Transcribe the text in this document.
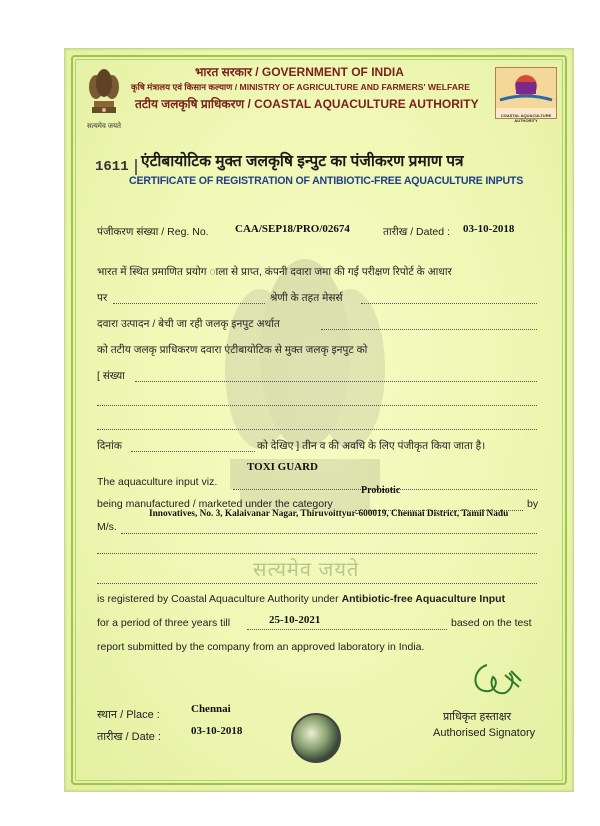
सत्यमेव जयते
भारत सरकार / GOVERNMENT OF INDIA
कृषि मंत्रालय एवं किसान कल्याण / MINISTRY OF AGRICULTURE AND FARMERS' WELFARE
तटीय जलकृषि प्राधिकरण / COASTAL AQUACULTURE AUTHORITY
COASTAL AQUACULTURE AUTHORITY
1611 एंटीबायोटिक मुक्त जलकृषि इन्पुट का पंजीकरण प्रमाण पत्र
CERTIFICATE OF REGISTRATION OF ANTIBIOTIC-FREE AQUACULTURE INPUTS
पंजीकरण संख्या / Reg. No. CAA/SEP18/PRO/02674	तारीख / Dated : 03-10-2018
भारत में स्थित प्रमाणित प्रयोग ाला से प्राप्त, कंपनी दवारा जमा की गई परीक्षण रिपोर्ट के आधार
पर	श्रेणी के तहत मेसर्स
दवारा उत्पादन / बेची जा रही जलकृ इनपुट अर्थात
को तटीय जलकृ प्राधिकरण दवारा एंटीबायोटिक से मुक्त जलकृ इनपुट को
[ संख्या
दिनांक	को देखिए ] तीन व की अवधि के लिए पंजीकृत किया जाता है।
TOXI GUARD
The aquaculture input viz.
Probiotic
being manufactured / marketed under the category	by
Innovatives, No. 3, Kalaivanar Nagar, Thiruvoittyur-600019, Chennai District, Tamil Nadu
M/s.
सत्यमेव जयते
is registered by Coastal Aquaculture Authority under Antibiotic-free Aquaculture Input
for a period of three years till	25-10-2021	based on the test
report submitted by the company from an approved laboratory in India.
स्थान / Place :	Chennai
तारीख / Date :	03-10-2018
प्राधिकृत हस्ताक्षर
Authorised Signatory
